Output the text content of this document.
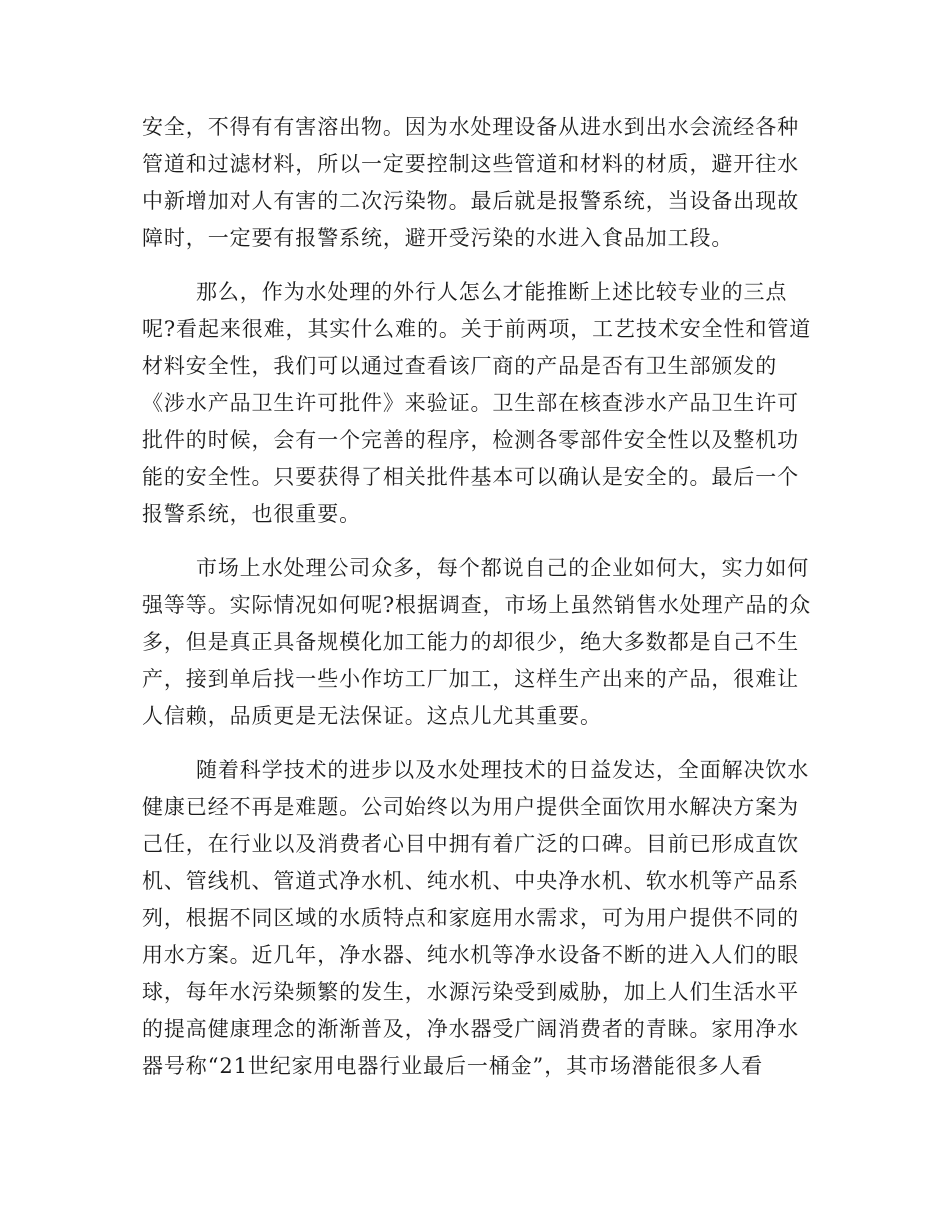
安全，不得有有害溶出物。因为水处理设备从进水到出水会流经各种
管道和过滤材料，所以一定要控制这些管道和材料的材质，避开往水
中新增加对人有害的二次污染物。最后就是报警系统，当设备出现故
障时，一定要有报警系统，避开受污染的水进入食品加工段。
那么，作为水处理的外行人怎么才能推断上述比较专业的三点
呢?看起来很难，其实什么难的。关于前两项，工艺技术安全性和管道
材料安全性，我们可以通过查看该厂商的产品是否有卫生部颁发的
《涉水产品卫生许可批件》来验证。卫生部在核查涉水产品卫生许可
批件的时候，会有一个完善的程序，检测各零部件安全性以及整机功
能的安全性。只要获得了相关批件基本可以确认是安全的。最后一个
报警系统，也很重要。
市场上水处理公司众多，每个都说自己的企业如何大，实力如何
强等等。实际情况如何呢?根据调查，市场上虽然销售水处理产品的众
多，但是真正具备规模化加工能力的却很少，绝大多数都是自己不生
产，接到单后找一些小作坊工厂加工，这样生产出来的产品，很难让
人信赖，品质更是无法保证。这点儿尤其重要。
随着科学技术的进步以及水处理技术的日益发达，全面解决饮水
健康已经不再是难题。公司始终以为用户提供全面饮用水解决方案为
己任，在行业以及消费者心目中拥有着广泛的口碑。目前已形成直饮
机、管线机、管道式净水机、纯水机、中央净水机、软水机等产品系
列，根据不同区域的水质特点和家庭用水需求，可为用户提供不同的
用水方案。近几年，净水器、纯水机等净水设备不断的进入人们的眼
球，每年水污染频繁的发生，水源污染受到威胁，加上人们生活水平
的提高健康理念的渐渐普及，净水器受广阔消费者的青睐。家用净水
器号称“21世纪家用电器行业最后一桶金”，其市场潜能很多人看
